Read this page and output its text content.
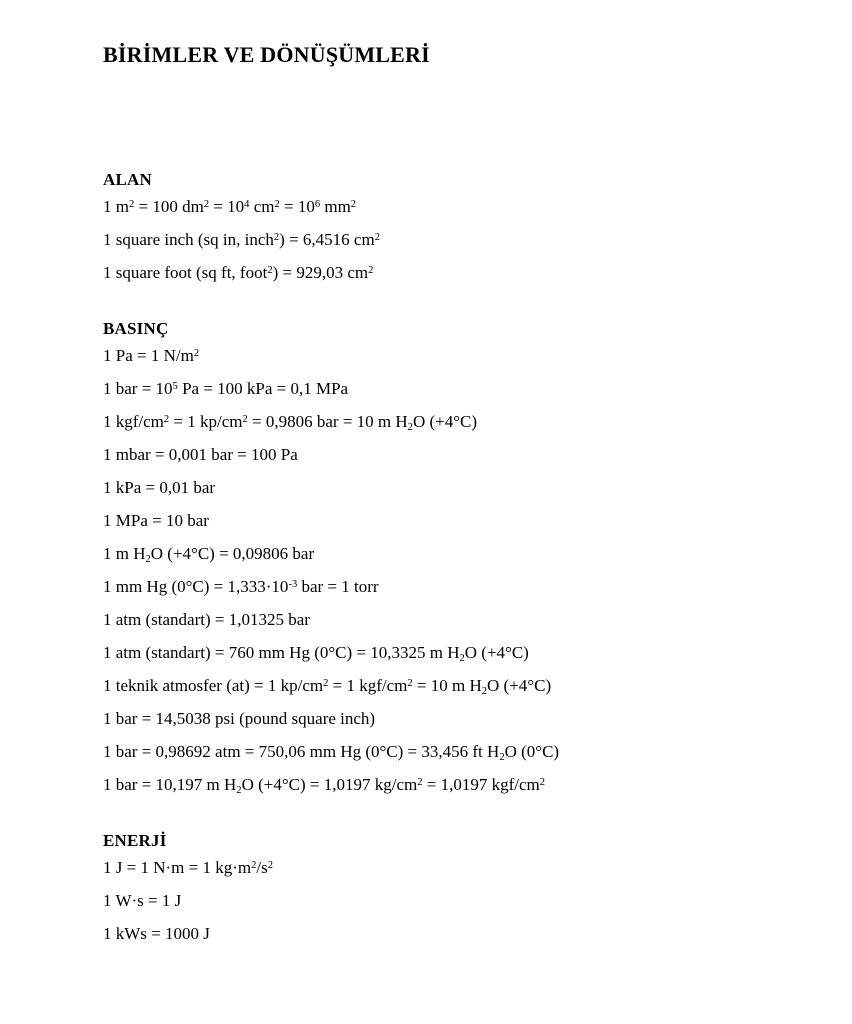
BİRİMLER VE DÖNÜŞÜMLERİ
ALAN

1 $m^2 = 100$ $dm^2 = 10^4$ $cm^2 = 10^6$ $mm^2$

1 square inch (sq in, inch$^2$) = 6,4516 $cm^2$

1 square foot (sq ft, foot$^2$) = 929,03 $cm^2$

BASINÇ

1 Pa = 1 $N/m^2$

1 bar = $10^5$ Pa = 100 kPa = 0,1 MPa

1 kgf/$cm^2 = 1$ $kp/cm^2 = 0,9806$ bar = 10 m $H_2O$ (+4°C)

1 mbar = 0,001 bar = 100 Pa

1 kPa = 0,01 bar

1 MPa = 10 bar

1 m $H_2O$ (+4°C) = 0,09806 bar

1 mm Hg $(0^\circ C) = 1,333\cdot 10^{-3}$ bar = 1 torr

1 atm (standart) = 1,01325 bar

1 atm (standart) = 760 mm Hg (0°C) = 10,3325 m $H_2O$ (+4°C)

1 teknik atmosfer (at) = 1 $kp/cm^2 = 1$ kgf/$cm^2 = 10$ m $H_2O$ (+4°C)

1 bar = 14,5038 psi (pound square inch)

1 bar = 0,98692 atm = 750,06 mm Hg (0°C) = 33,456 ft $H_2O$ (0°C)

1 bar = 10,197 m $H_2O$ (+4°C) = 1,0197 $kg/cm^2 = 1,0197$ kgf/$cm^2$

ENERJİ

1 J = 1 N·m = 1 $kg\cdot m^2/s^2$

1 W·s = 1 J

1 kWs = 1000 J
